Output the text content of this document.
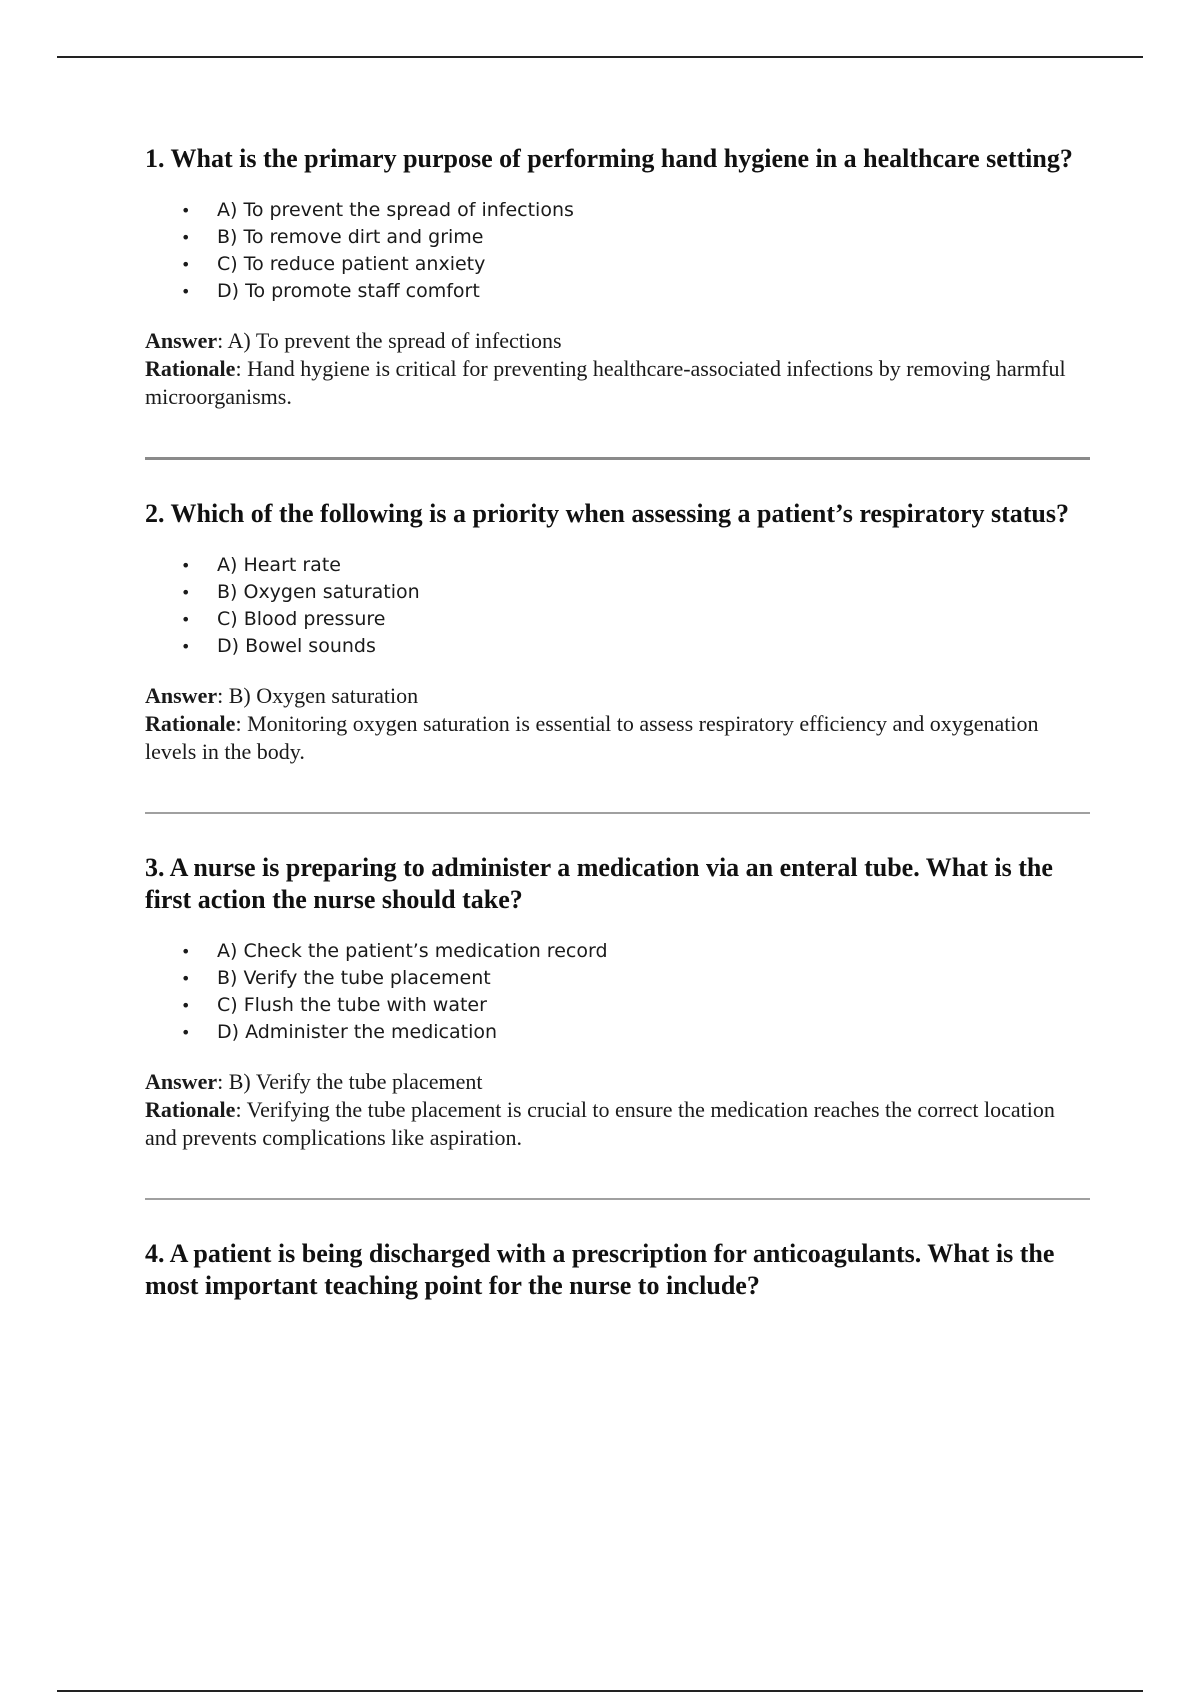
1. What is the primary purpose of performing hand hygiene in a healthcare setting?

• A) To prevent the spread of infections
• B) To remove dirt and grime
• C) To reduce patient anxiety
• D) To promote staff comfort
Answer: A) To prevent the spread of infections
Rationale: Hand hygiene is critical for preventing healthcare-associated infections by removing harmful microorganisms.

2. Which of the following is a priority when assessing a patient’s respiratory status?

• A) Heart rate
• B) Oxygen saturation
• C) Blood pressure
• D) Bowel sounds
Answer: B) Oxygen saturation
Rationale: Monitoring oxygen saturation is essential to assess respiratory efficiency and oxygenation levels in the body.

3. A nurse is preparing to administer a medication via an enteral tube. What is the first action the nurse should take?

• A) Check the patient’s medication record
• B) Verify the tube placement
• C) Flush the tube with water
• D) Administer the medication
Answer: B) Verify the tube placement
Rationale: Verifying the tube placement is crucial to ensure the medication reaches the correct location and prevents complications like aspiration.

4. A patient is being discharged with a prescription for anticoagulants. What is the most important teaching point for the nurse to include?
